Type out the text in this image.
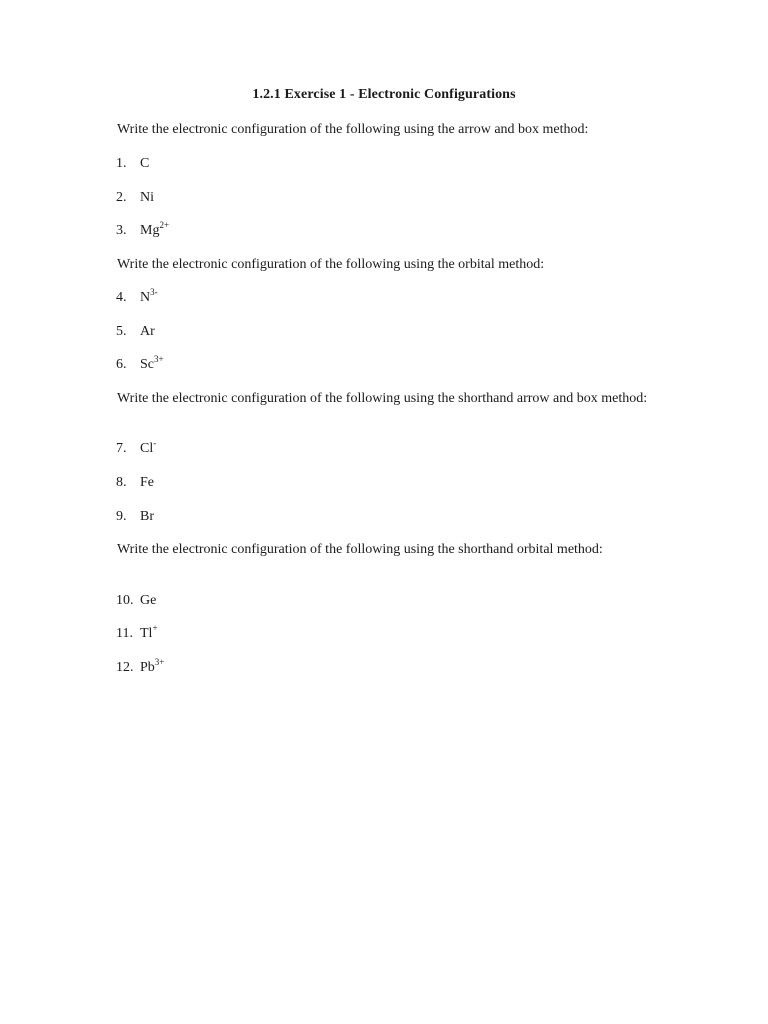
1.2.1 Exercise 1 - Electronic Configurations
Write the electronic configuration of the following using the arrow and box method:
1. C
2. Ni
3. $Mg^{2+}$
Write the electronic configuration of the following using the orbital method:
4. $N^{3-}$
5. Ar
6. $Sc^{3+}$
Write the electronic configuration of the following using the shorthand arrow and box method:
7. Cl-
8. Fe
9. Br
Write the electronic configuration of the following using the shorthand orbital method:
10. Ge
11. Tl+
12. $Pb^{3+}$
